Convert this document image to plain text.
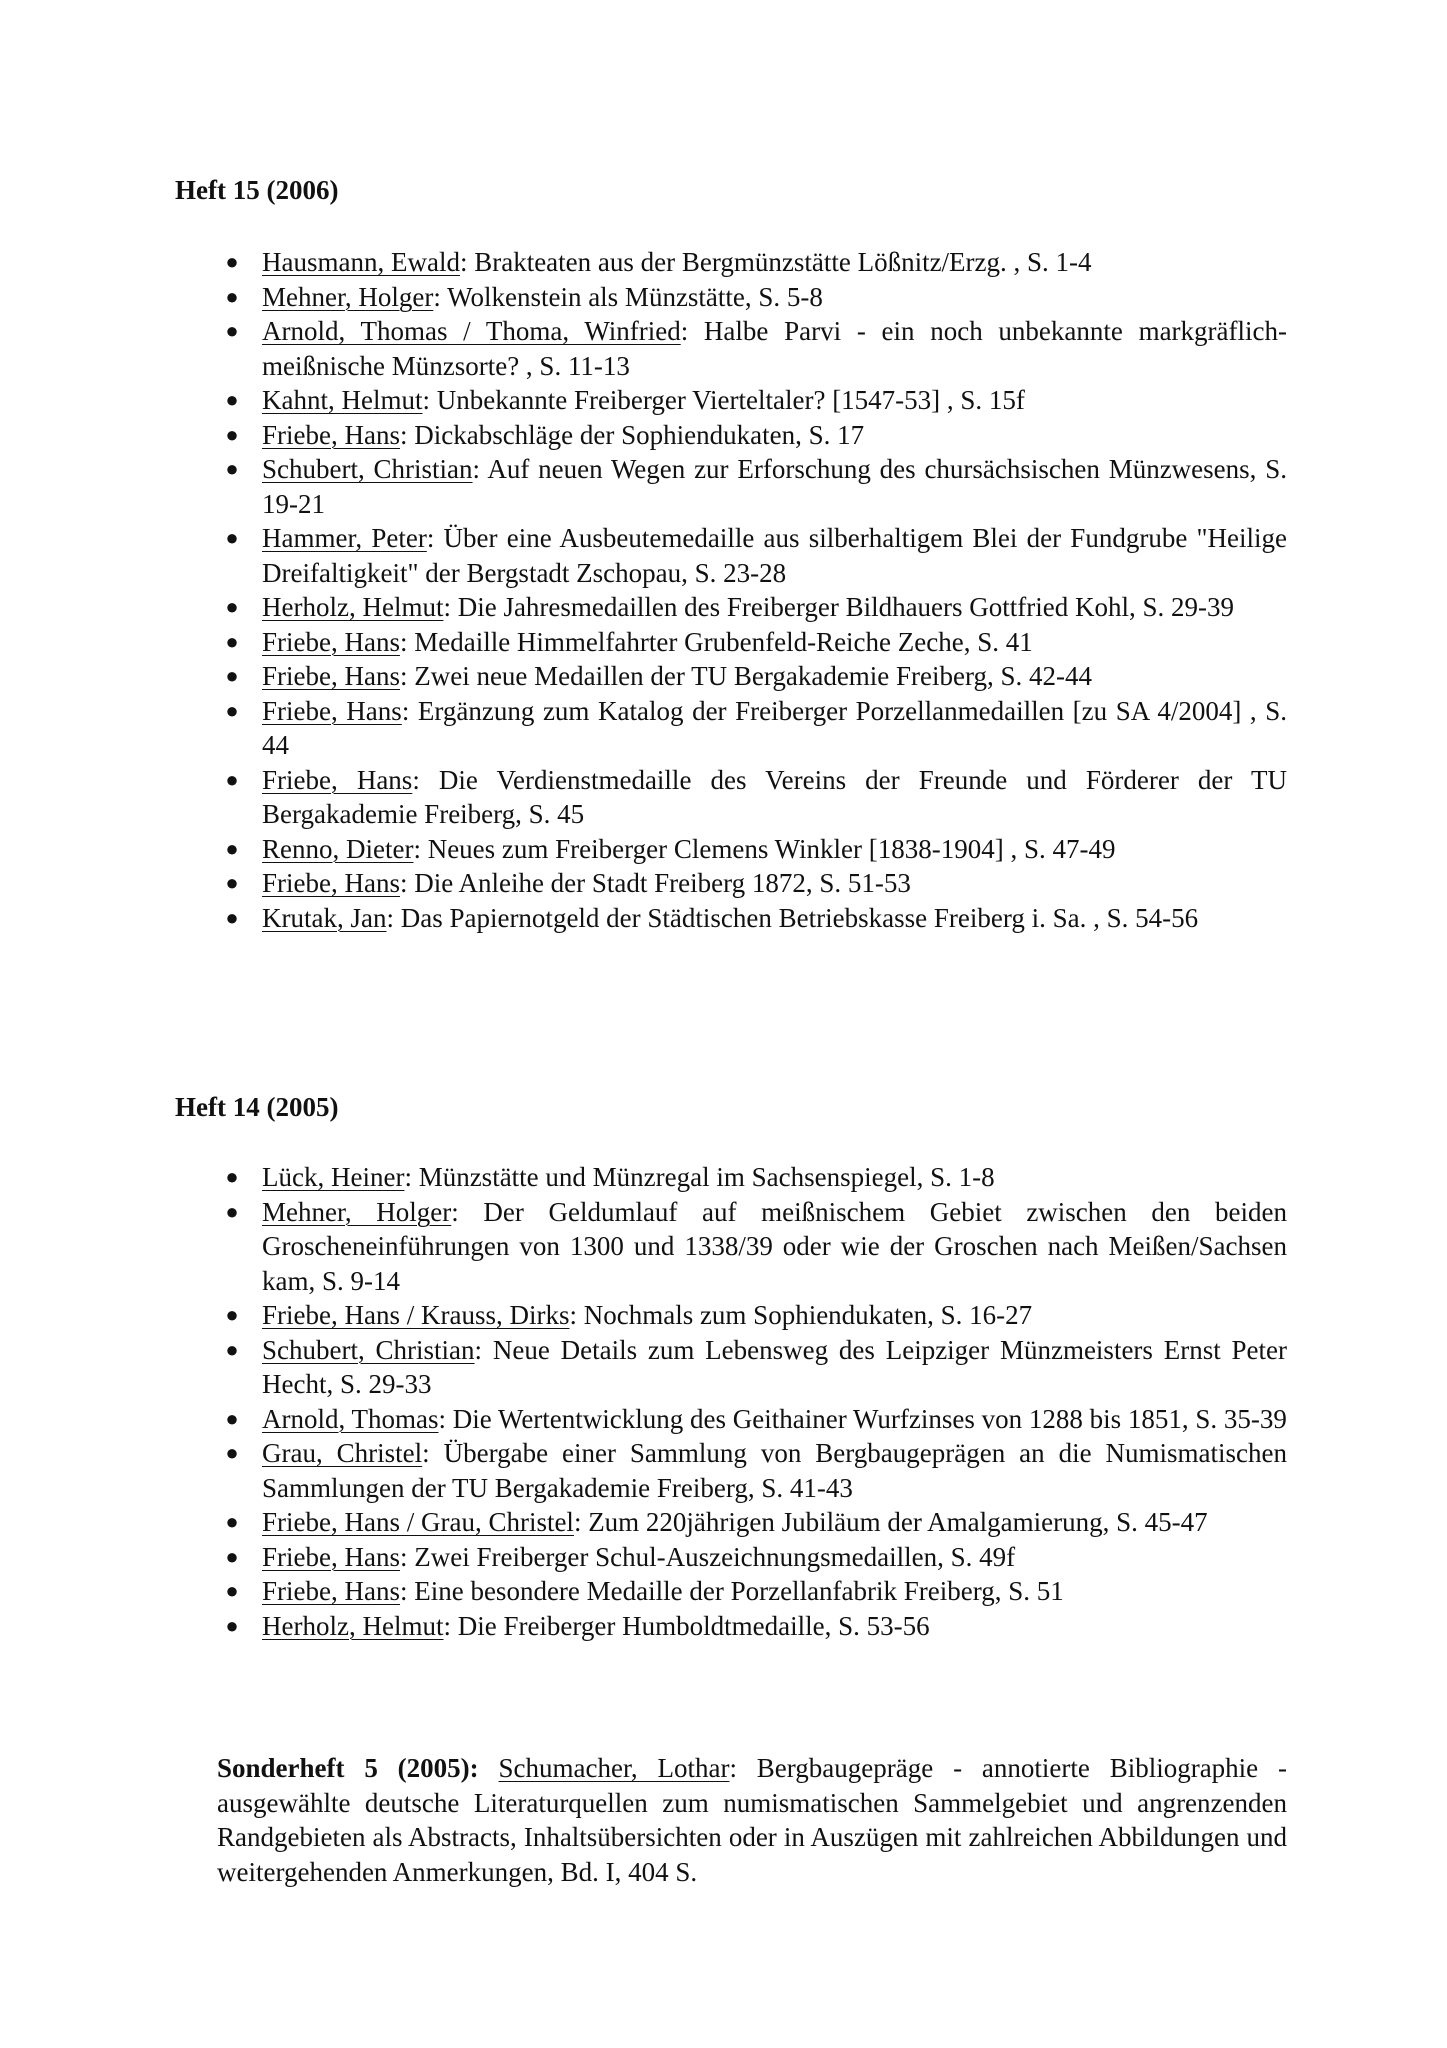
Heft 15 (2006)
● Hausmann, Ewald: Brakteaten aus der Bergmünzstätte Lößnitz/Erzg. , S. 1-4
● Mehner, Holger: Wolkenstein als Münzstätte, S. 5-8
● Arnold, Thomas / Thoma, Winfried: Halbe Parvi - ein noch unbekannte markgräflich-meißnische Münzsorte? , S. 11-13
● Kahnt, Helmut: Unbekannte Freiberger Vierteltaler? [1547-53] , S. 15f
● Friebe, Hans: Dickabschläge der Sophiendukaten, S. 17
● Schubert, Christian: Auf neuen Wegen zur Erforschung des chursächsischen Münzwesens, S. 19-21
● Hammer, Peter: Über eine Ausbeutemedaille aus silberhaltigem Blei der Fundgrube "Heilige Dreifaltigkeit" der Bergstadt Zschopau, S. 23-28
● Herholz, Helmut: Die Jahresmedaillen des Freiberger Bildhauers Gottfried Kohl, S. 29-39
● Friebe, Hans: Medaille Himmelfahrter Grubenfeld-Reiche Zeche, S. 41
● Friebe, Hans: Zwei neue Medaillen der TU Bergakademie Freiberg, S. 42-44
● Friebe, Hans: Ergänzung zum Katalog der Freiberger Porzellanmedaillen [zu SA 4/2004] , S. 44
● Friebe, Hans: Die Verdienstmedaille des Vereins der Freunde und Förderer der TU Bergakademie Freiberg, S. 45
● Renno, Dieter: Neues zum Freiberger Clemens Winkler [1838-1904] , S. 47-49
● Friebe, Hans: Die Anleihe der Stadt Freiberg 1872, S. 51-53
● Krutak, Jan: Das Papiernotgeld der Städtischen Betriebskasse Freiberg i. Sa. , S. 54-56
Heft 14 (2005)
● Lück, Heiner: Münzstätte und Münzregal im Sachsenspiegel, S. 1-8
● Mehner, Holger: Der Geldumlauf auf meißnischem Gebiet zwischen den beiden Groscheneinführungen von 1300 und 1338/39 oder wie der Groschen nach Meißen/Sachsen kam, S. 9-14
● Friebe, Hans / Krauss, Dirks: Nochmals zum Sophiendukaten, S. 16-27
● Schubert, Christian: Neue Details zum Lebensweg des Leipziger Münzmeisters Ernst Peter Hecht, S. 29-33
● Arnold, Thomas: Die Wertentwicklung des Geithainer Wurfzinses von 1288 bis 1851, S. 35-39
● Grau, Christel: Übergabe einer Sammlung von Bergbaugeprägen an die Numismatischen Sammlungen der TU Bergakademie Freiberg, S. 41-43
● Friebe, Hans / Grau, Christel: Zum 220jährigen Jubiläum der Amalgamierung, S. 45-47
● Friebe, Hans: Zwei Freiberger Schul-Auszeichnungsmedaillen, S. 49f
● Friebe, Hans: Eine besondere Medaille der Porzellanfabrik Freiberg, S. 51
● Herholz, Helmut: Die Freiberger Humboldtmedaille, S. 53-56

Sonderheft 5 (2005): Schumacher, Lothar: Bergbaugepräge - annotierte Bibliographie - ausgewählte deutsche Literaturquellen zum numismatischen Sammelgebiet und angrenzenden Randgebieten als Abstracts, Inhaltsübersichten oder in Auszügen mit zahlreichen Abbildungen und weitergehenden Anmerkungen, Bd. I, 404 S.
